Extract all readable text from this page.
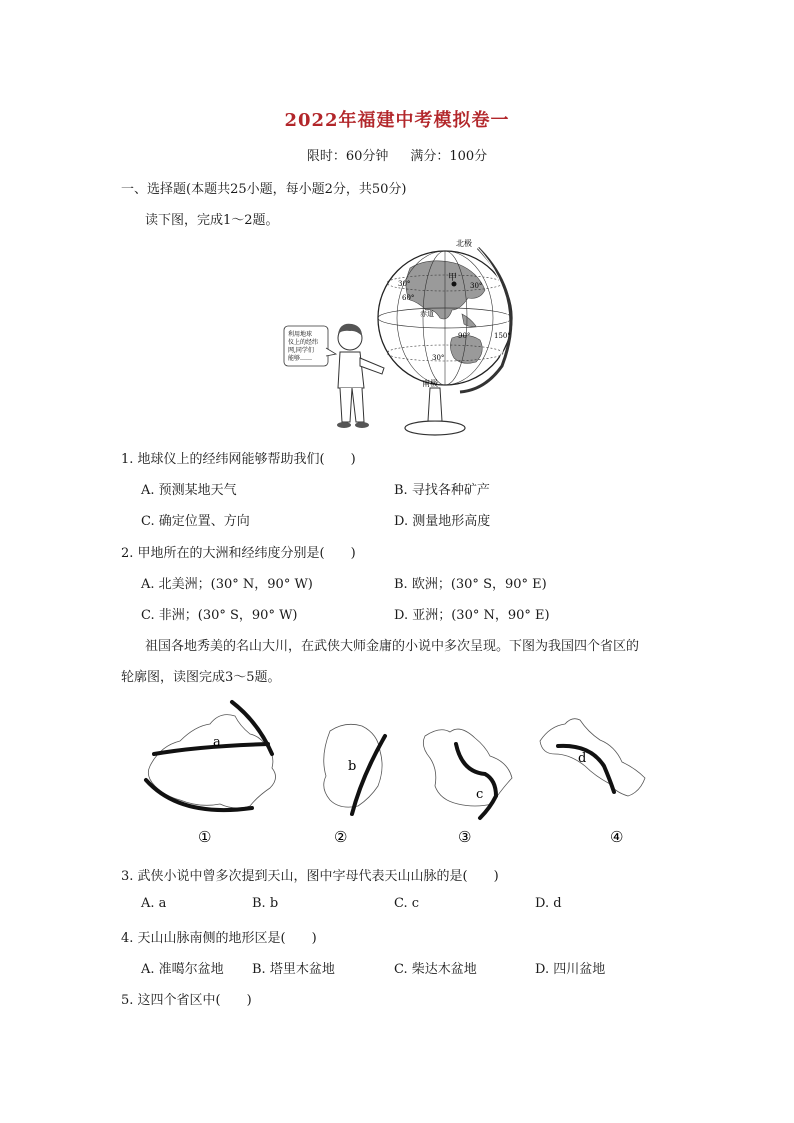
2022年福建中考模拟卷一
限时：60分钟 满分：100分
一、选择题(本题共25小题，每小题2分，共50分)
读下图，完成1～2题。
甲
北极
南极
30°
60°
90°
赤道
150°
30°
30°
利用地球
仪上的经纬
网,同学们
能够……
1. 地球仪上的经纬网能够帮助我们(　　)
A. 预测某地天气	B. 寻找各种矿产
C. 确定位置、方向	D. 测量地形高度
2. 甲地所在的大洲和经纬度分别是(　　)
A. 北美洲；(30° N，90° W)	B. 欧洲；(30° S，90° E)
C. 非洲；(30° S，90° W)	D. 亚洲；(30° N，90° E)
祖国各地秀美的名山大川，在武侠大师金庸的小说中多次呈现。下图为我国四个省区的
轮廓图，读图完成3～5题。
a
①
b
②
c
③
d
④
3. 武侠小说中曾多次提到天山，图中字母代表天山山脉的是(　　)
A. a	B. b	C. c	D. d
4. 天山山脉南侧的地形区是(　　)
A. 准噶尔盆地 B. 塔里木盆地	C. 柴达木盆地	D. 四川盆地
5. 这四个省区中(　　)
